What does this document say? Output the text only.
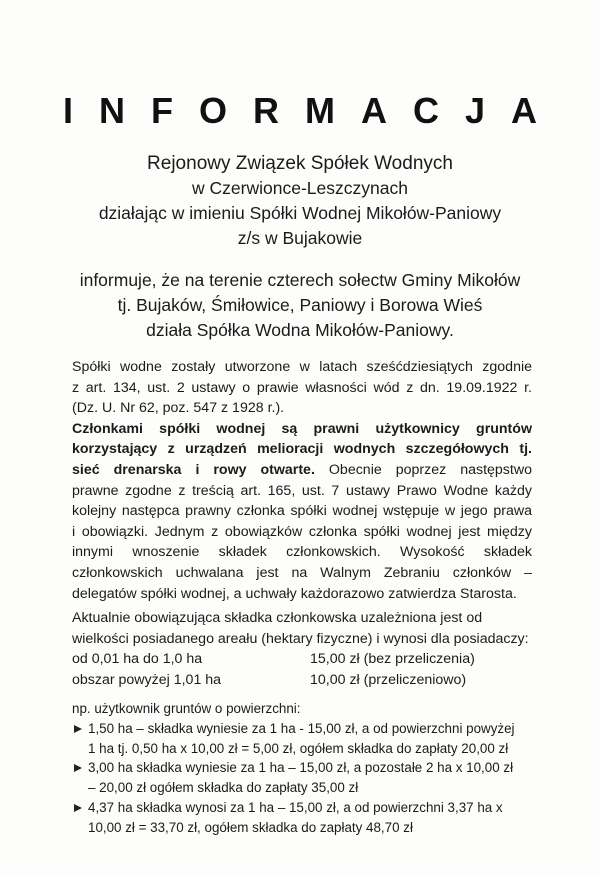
INFORMACJA
Rejonowy Związek Spółek Wodnych
w Czerwionce-Leszczynach
działając w imieniu Spółki Wodnej Mikołów-Paniowy
z/s w Bujakowie
informuje, że na terenie czterech sołectw Gminy Mikołów
tj. Bujaków, Śmiłowice, Paniowy i Borowa Wieś
działa Spółka Wodna Mikołów-Paniowy.
Spółki wodne zostały utworzone w latach sześćdziesiątych zgodnie
z art. 134, ust. 2 ustawy o prawie własności wód z dn. 19.09.1922 r.
(Dz. U. Nr 62, poz. 547 z 1928 r.).
Członkami spółki wodnej są prawni użytkownicy gruntów
korzystający z urządzeń melioracji wodnych szczegółowych tj.
sieć drenarska i rowy otwarte. Obecnie poprzez następstwo
prawne zgodne z treścią art. 165, ust. 7 ustawy Prawo Wodne każdy
kolejny następca prawny członka spółki wodnej wstępuje w jego prawa
i obowiązki. Jednym z obowiązków członka spółki wodnej jest między
innymi wnoszenie składek członkowskich. Wysokość składek
członkowskich uchwalana jest na Walnym Zebraniu członków –
delegatów spółki wodnej, a uchwały każdorazowo zatwierdza Starosta.
Aktualnie obowiązująca składka członkowska uzależniona jest od
wielkości posiadanego areału (hektary fizyczne) i wynosi dla posiadaczy:
od 0,01 ha do 1,0 ha	15,00 zł (bez przeliczenia)
obszar powyżej 1,01 ha	10,00 zł (przeliczeniowo)
np. użytkownik gruntów o powierzchni:
1,50 ha – składka wyniesie za 1 ha - 15,00 zł, a od powierzchni powyżej
1 ha tj. 0,50 ha x 10,00 zł = 5,00 zł, ogółem składka do zapłaty 20,00 zł
3,00 ha składka wyniesie za 1 ha – 15,00 zł, a pozostałe 2 ha x 10,00 zł
– 20,00 zł ogółem składka do zapłaty 35,00 zł
4,37 ha składka wynosi za 1 ha – 15,00 zł, a od powierzchni 3,37 ha x
10,00 zł = 33,70 zł, ogółem składka do zapłaty 48,70 zł
